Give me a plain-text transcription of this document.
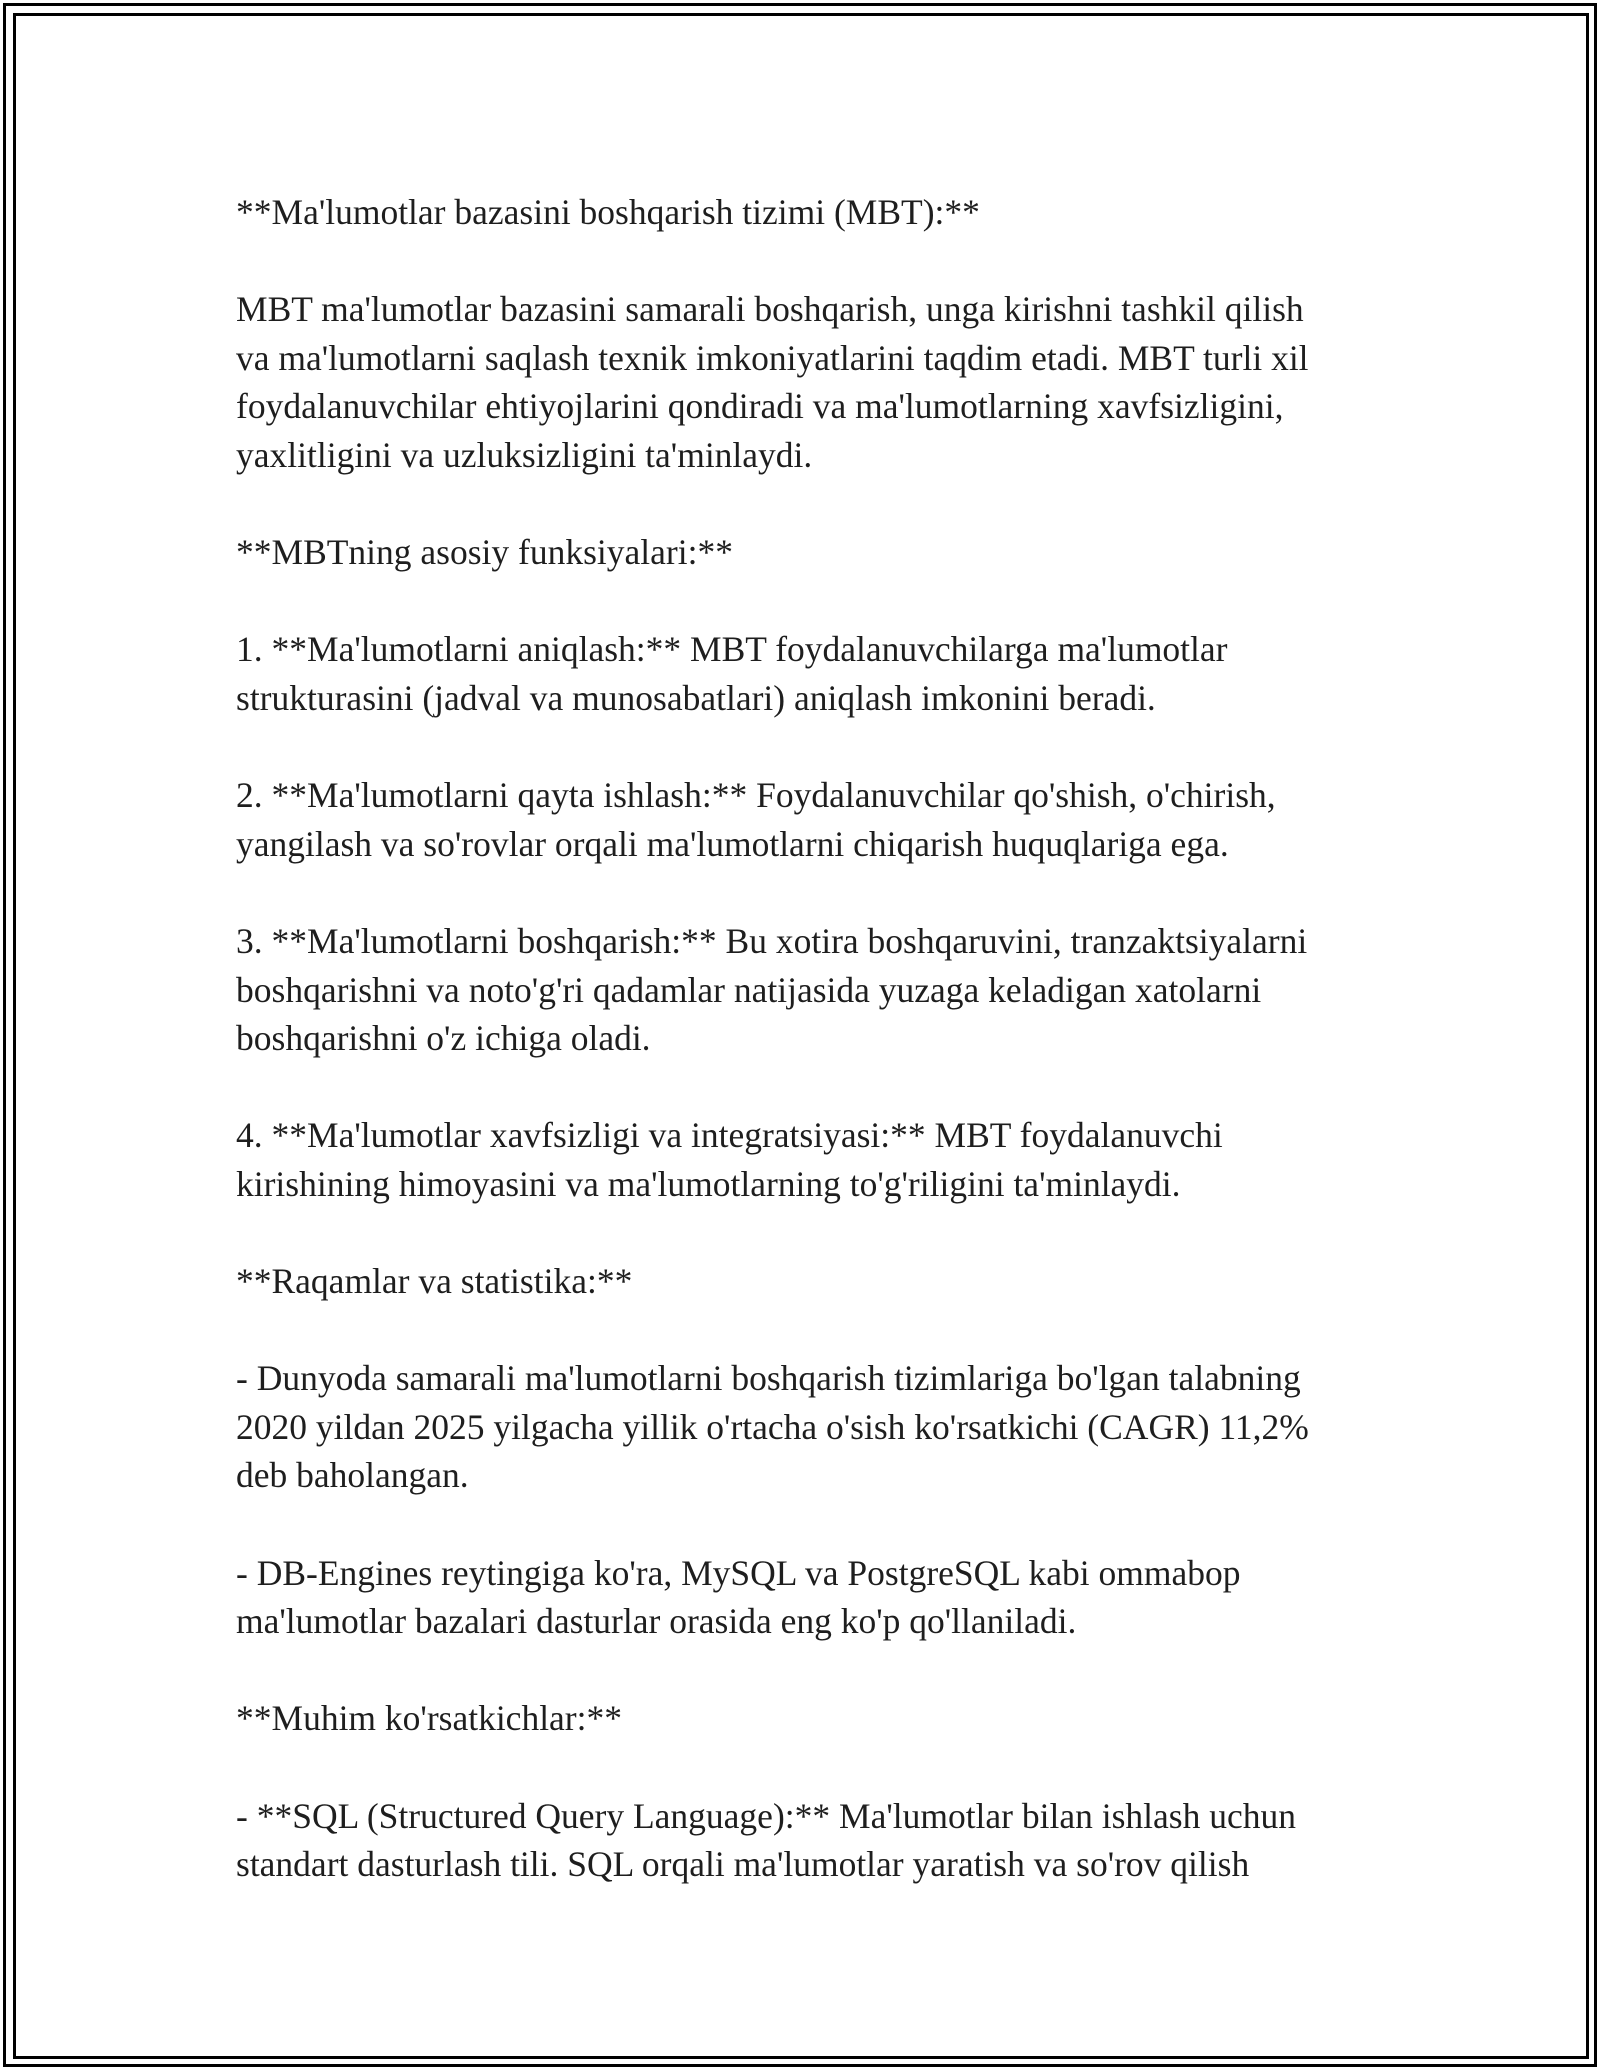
**Ma'lumotlar bazasini boshqarish tizimi (MBT):**

MBT ma'lumotlar bazasini samarali boshqarish, unga kirishni tashkil qilish
va ma'lumotlarni saqlash texnik imkoniyatlarini taqdim etadi. MBT turli xil
foydalanuvchilar ehtiyojlarini qondiradi va ma'lumotlarning xavfsizligini,
yaxlitligini va uzluksizligini ta'minlaydi.

**MBTning asosiy funksiyalari:**

1. **Ma'lumotlarni aniqlash:** MBT foydalanuvchilarga ma'lumotlar
strukturasini (jadval va munosabatlari) aniqlash imkonini beradi.

2. **Ma'lumotlarni qayta ishlash:** Foydalanuvchilar qo'shish, o'chirish,
yangilash va so'rovlar orqali ma'lumotlarni chiqarish huquqlariga ega.

3. **Ma'lumotlarni boshqarish:** Bu xotira boshqaruvini, tranzaktsiyalarni
boshqarishni va noto'g'ri qadamlar natijasida yuzaga keladigan xatolarni
boshqarishni o'z ichiga oladi.

4. **Ma'lumotlar xavfsizligi va integratsiyasi:** MBT foydalanuvchi
kirishining himoyasini va ma'lumotlarning to'g'riligini ta'minlaydi.

**Raqamlar va statistika:**

- Dunyoda samarali ma'lumotlarni boshqarish tizimlariga bo'lgan talabning
2020 yildan 2025 yilgacha yillik o'rtacha o'sish ko'rsatkichi (CAGR) 11,2%
deb baholangan.

- DB-Engines reytingiga ko'ra, MySQL va PostgreSQL kabi ommabop
ma'lumotlar bazalari dasturlar orasida eng ko'p qo'llaniladi.

**Muhim ko'rsatkichlar:**

- **SQL (Structured Query Language):** Ma'lumotlar bilan ishlash uchun
standart dasturlash tili. SQL orqali ma'lumotlar yaratish va so'rov qilish
